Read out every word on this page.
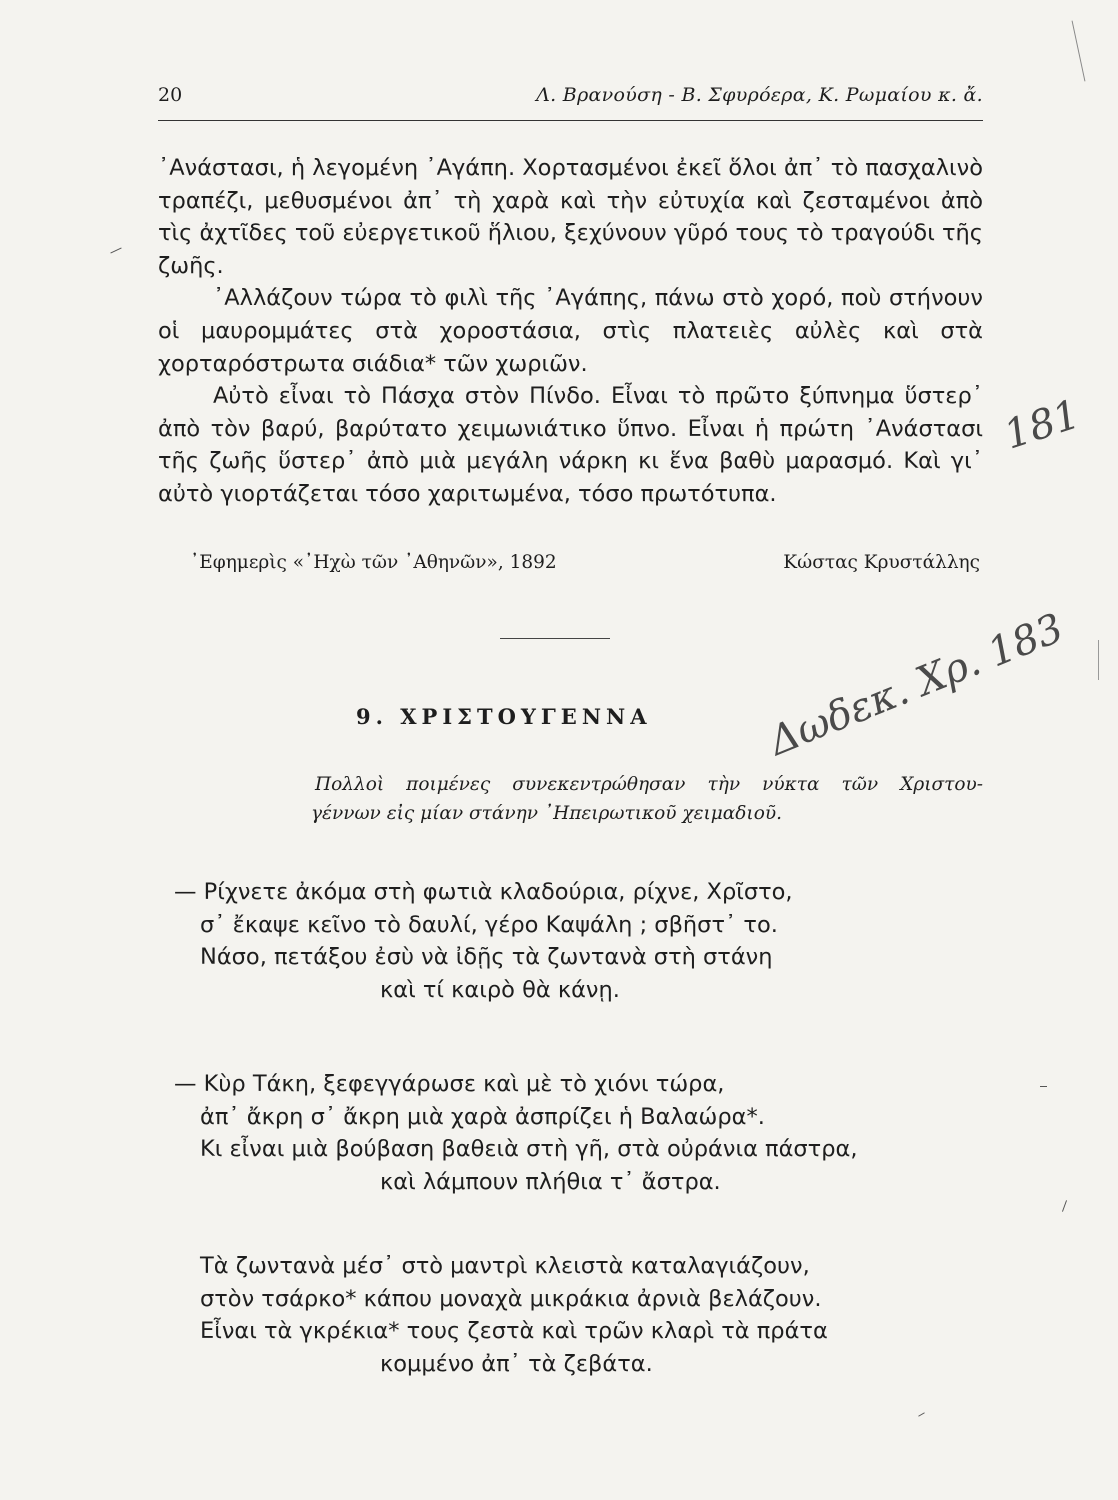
20	Λ. Βρανούση - Β. Σφυρόερα, Κ. Ρωμαίου κ. ἄ.

᾿Ανάστασι, ἡ λεγομένη ᾿Αγάπη. Χορτασμένοι ἐκεῖ ὅλοι ἀπ᾿ τὸ πασχαλινὸ τραπέζι, μεθυσμένοι ἀπ᾿ τὴ χαρὰ καὶ τὴν εὐτυχία καὶ ζεσταμένοι ἀπὸ τὶς ἀχτῖδες τοῦ εὐεργετικοῦ ἥλιου, ξεχύνουν γῦρό τους τὸ τραγούδι τῆς ζωῆς.

᾿Αλλάζουν τώρα τὸ φιλὶ τῆς ᾿Αγάπης, πάνω στὸ χορό, ποὺ στήνουν οἱ μαυρομμάτες στὰ χοροστάσια, στὶς πλατειὲς αὐλὲς καὶ στὰ χορταρόστρωτα σιάδια* τῶν χωριῶν.

Αὐτὸ εἶναι τὸ Πάσχα στὸν Πίνδο. Εἶναι τὸ πρῶτο ξύπνημα ὕστερ᾿ ἀπὸ τὸν βαρύ, βαρύτατο χειμωνιάτικο ὕπνο. Εἶναι ἡ πρώτη ᾿Ανάστασι τῆς ζωῆς ὕστερ᾿ ἀπὸ μιὰ μεγάλη νάρκη κι ἕνα βαθὺ μαρασμό. Καὶ γι᾿ αὐτὸ γιορτάζεται τόσο χαριτωμένα, τόσο πρωτότυπα.

᾿Εφημερὶς «᾿Ηχὼ τῶν ᾿Αθηνῶν», 1892	Κώστας Κρυστάλλης
9. ΧΡΙΣΤΟΥΓΕΝΝΑ
Πολλοὶ ποιμένες συνεκεντρώθησαν τὴν νύκτα τῶν Χριστου-
γέννων εἰς μίαν στάνην ᾿Ηπειρωτικοῦ χειμαδιοῦ.
— Ρίχνετε ἀκόμα στὴ φωτιὰ κλαδούρια, ρίχνε, Χρῖστο,
σ᾿ ἔκαψε κεῖνο τὸ δαυλί, γέρο Καψάλη ; σβῆστ᾿ το.
Νάσο, πετάξου ἐσὺ νὰ ἰδῇς τὰ ζωντανὰ στὴ στάνη
καὶ τί καιρὸ θὰ κάνῃ.
— Κὺρ Τάκη, ξεφεγγάρωσε καὶ μὲ τὸ χιόνι τώρα,
ἀπ᾿ ἄκρη σ᾿ ἄκρη μιὰ χαρὰ ἀσπρίζει ἡ Βαλαώρα*.
Κι εἶναι μιὰ βούβαση βαθειὰ στὴ γῆ, στὰ οὐράνια πάστρα,
καὶ λάμπουν πλήθια τ᾿ ἄστρα.
Τὰ ζωντανὰ μέσ᾿ στὸ μαντρὶ κλειστὰ καταλαγιάζουν,
στὸν τσάρκο* κάπου μοναχὰ μικράκια ἀρνιὰ βελάζουν.
Εἶναι τὰ γκρέκια* τους ζεστὰ καὶ τρῶν κλαρὶ τὰ πράτα
κομμένο ἀπ᾿ τὰ ζεβάτα.
181
Δωδεκ. Χρ. 183
